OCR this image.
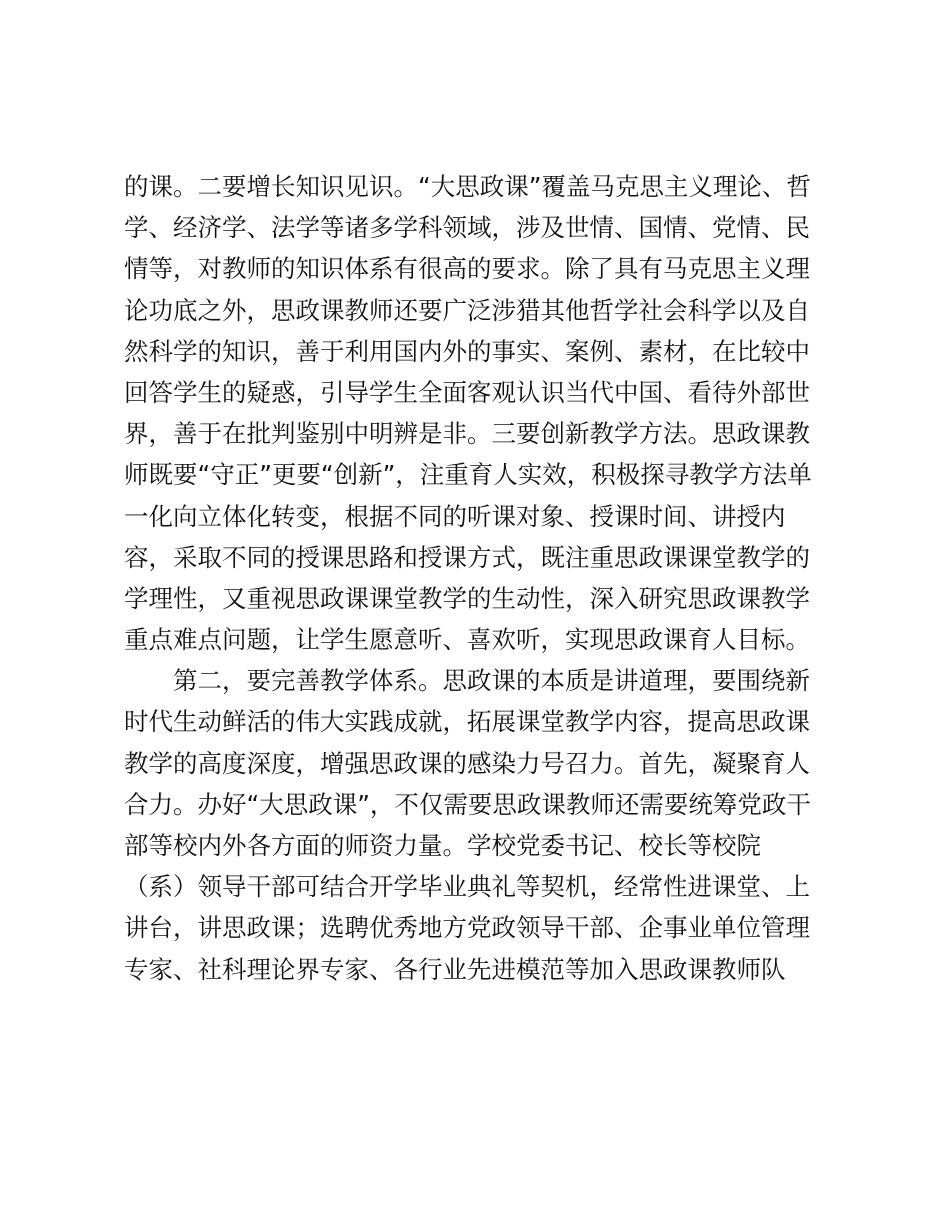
的课。二要增长知识见识。“大思政课”覆盖马克思主义理论、哲
学、经济学、法学等诸多学科领域，涉及世情、国情、党情、民
情等，对教师的知识体系有很高的要求。除了具有马克思主义理
论功底之外，思政课教师还要广泛涉猎其他哲学社会科学以及自
然科学的知识，善于利用国内外的事实、案例、素材，在比较中
回答学生的疑惑，引导学生全面客观认识当代中国、看待外部世
界，善于在批判鉴别中明辨是非。三要创新教学方法。思政课教
师既要“守正”更要“创新”，注重育人实效，积极探寻教学方法单
一化向立体化转变，根据不同的听课对象、授课时间、讲授内
容，采取不同的授课思路和授课方式，既注重思政课课堂教学的
学理性，又重视思政课课堂教学的生动性，深入研究思政课教学
重点难点问题，让学生愿意听、喜欢听，实现思政课育人目标。
　　第二，要完善教学体系。思政课的本质是讲道理，要围绕新
时代生动鲜活的伟大实践成就，拓展课堂教学内容，提高思政课
教学的高度深度，增强思政课的感染力号召力。首先，凝聚育人
合力。办好“大思政课”，不仅需要思政课教师还需要统筹党政干
部等校内外各方面的师资力量。学校党委书记、校长等校院
（系）领导干部可结合开学毕业典礼等契机，经常性进课堂、上
讲台，讲思政课；选聘优秀地方党政领导干部、企事业单位管理
专家、社科理论界专家、各行业先进模范等加入思政课教师队
